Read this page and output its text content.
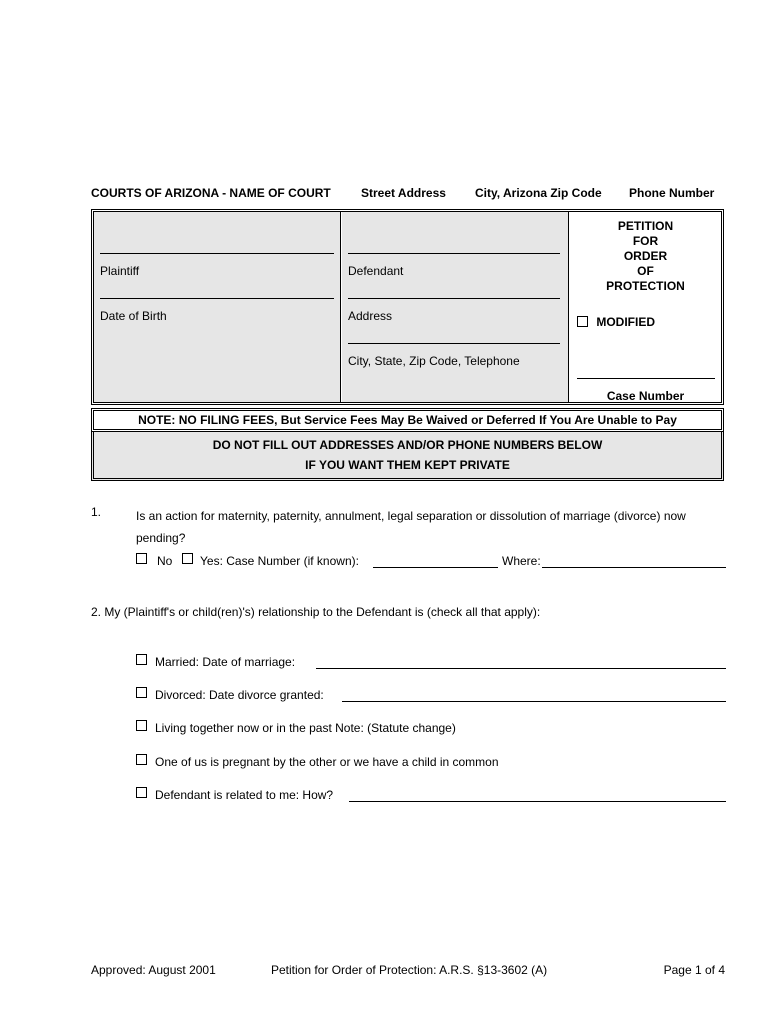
COURTS OF ARIZONA - NAME OF COURT	Street Address City, Arizona Zip Code Phone Number
Plaintiff
Date of Birth
Defendant
Address
City, State, Zip Code, Telephone
PETITION
FOR
ORDER
OF
PROTECTION
MODIFIED
Case Number
NOTE: NO FILING FEES, But Service Fees May Be Waived or Deferred If You Are Unable to Pay
DO NOT FILL OUT ADDRESSES AND/OR PHONE NUMBERS BELOW
IF YOU WANT THEM KEPT PRIVATE
1.	Is an action for maternity, paternity, annulment, legal separation or dissolution of marriage (divorce) now pending?
No Yes: Case Number (if known):	Where:
2. My (Plaintiff's or child(ren)'s) relationship to the Defendant is (check all that apply):
Married: Date of marriage:
Divorced: Date divorce granted:
Living together now or in the past Note: (Statute change)
One of us is pregnant by the other or we have a child in common
Defendant is related to me: How?
Approved: August 2001	Petition for Order of Protection: A.R.S. §13-3602 (A)	Page 1 of 4
